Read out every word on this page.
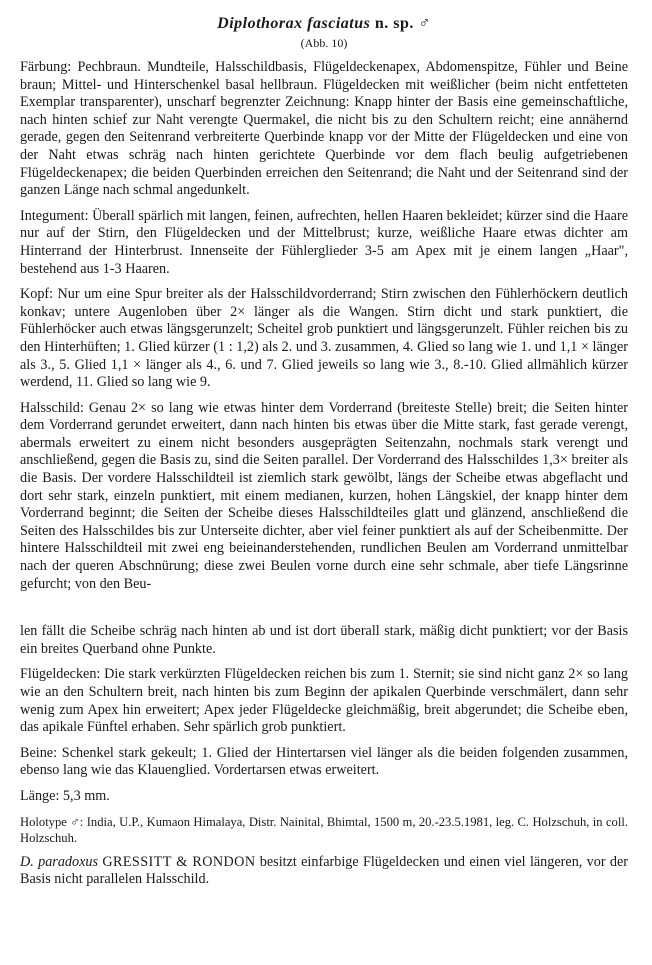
Diplothorax fasciatus n. sp. ♂
(Abb. 10)

Färbung: Pechbraun. Mundteile, Halsschildbasis, Flügeldeckenapex, Abdomenspitze, Fühler und Beine braun; Mittel- und Hinterschenkel basal hellbraun. Flügeldecken mit weißlicher (beim nicht entfetteten Exemplar transparenter), unscharf begrenzter Zeichnung: Knapp hinter der Basis eine gemeinschaftliche, nach hinten schief zur Naht verengte Quermakel, die nicht bis zu den Schultern reicht; eine annähernd gerade, gegen den Seitenrand verbreiterte Querbinde knapp vor der Mitte der Flügeldecken und eine von der Naht etwas schräg nach hinten gerichtete Querbinde vor dem flach beulig aufgetriebenen Flügeldeckenapex; die beiden Querbinden erreichen den Seitenrand; die Naht und der Seitenrand sind der ganzen Länge nach schmal angedunkelt.

Integument: Überall spärlich mit langen, feinen, aufrechten, hellen Haaren bekleidet; kürzer sind die Haare nur auf der Stirn, den Flügeldecken und der Mittelbrust; kurze, weißliche Haare etwas dichter am Hinterrand der Hinterbrust. Innenseite der Fühlerglieder 3-5 am Apex mit je einem langen „Haar", bestehend aus 1-3 Haaren.

Kopf: Nur um eine Spur breiter als der Halsschildvorderrand; Stirn zwischen den Fühlerhöckern deutlich konkav; untere Augenloben über 2× länger als die Wangen. Stirn dicht und stark punktiert, die Fühlerhöcker auch etwas längsgerunzelt; Scheitel grob punktiert und längsgerunzelt. Fühler reichen bis zu den Hinterhüften; 1. Glied kürzer (1 : 1,2) als 2. und 3. zusammen, 4. Glied so lang wie 1. und 1,1 × länger als 3., 5. Glied 1,1 × länger als 4., 6. und 7. Glied jeweils so lang wie 3., 8.-10. Glied allmählich kürzer werdend, 11. Glied so lang wie 9.

Halsschild: Genau 2× so lang wie etwas hinter dem Vorderrand (breiteste Stelle) breit; die Seiten hinter dem Vorderrand gerundet erweitert, dann nach hinten bis etwas über die Mitte stark, fast gerade verengt, abermals erweitert zu einem nicht besonders ausgeprägten Seitenzahn, nochmals stark verengt und anschließend, gegen die Basis zu, sind die Seiten parallel. Der Vorderrand des Halsschildes 1,3× breiter als die Basis. Der vordere Halsschildteil ist ziemlich stark gewölbt, längs der Scheibe etwas abgeflacht und dort sehr stark, einzeln punktiert, mit einem medianen, kurzen, hohen Längskiel, der knapp hinter dem Vorderrand beginnt; die Seiten der Scheibe dieses Halsschildteiles glatt und glänzend, anschließend die Seiten des Halsschildes bis zur Unterseite dichter, aber viel feiner punktiert als auf der Scheibenmitte. Der hintere Halsschildteil mit zwei eng beieinanderstehenden, rundlichen Beulen am Vorderrand unmittelbar nach der queren Abschnürung; diese zwei Beulen vorne durch eine sehr schmale, aber tiefe Längsrinne gefurcht; von den Beu-

len fällt die Scheibe schräg nach hinten ab und ist dort überall stark, mäßig dicht punktiert; vor der Basis ein breites Querband ohne Punkte.

Flügeldecken: Die stark verkürzten Flügeldecken reichen bis zum 1. Sternit; sie sind nicht ganz 2× so lang wie an den Schultern breit, nach hinten bis zum Beginn der apikalen Querbinde verschmälert, dann sehr wenig zum Apex hin erweitert; Apex jeder Flügeldecke gleichmäßig, breit abgerundet; die Scheibe eben, das apikale Fünftel erhaben. Sehr spärlich grob punktiert.

Beine: Schenkel stark gekeult; 1. Glied der Hintertarsen viel länger als die beiden folgenden zusammen, ebenso lang wie das Klauenglied. Vordertarsen etwas erweitert.

Länge: 5,3 mm.

Holotype ♂: India, U.P., Kumaon Himalaya, Distr. Nainital, Bhimtal, 1500 m, 20.-23.5.1981, leg. C. Holzschuh, in coll. Holzschuh.

D. paradoxus GRESSITT & RONDON besitzt einfarbige Flügeldecken und einen viel längeren, vor der Basis nicht parallelen Halsschild.
